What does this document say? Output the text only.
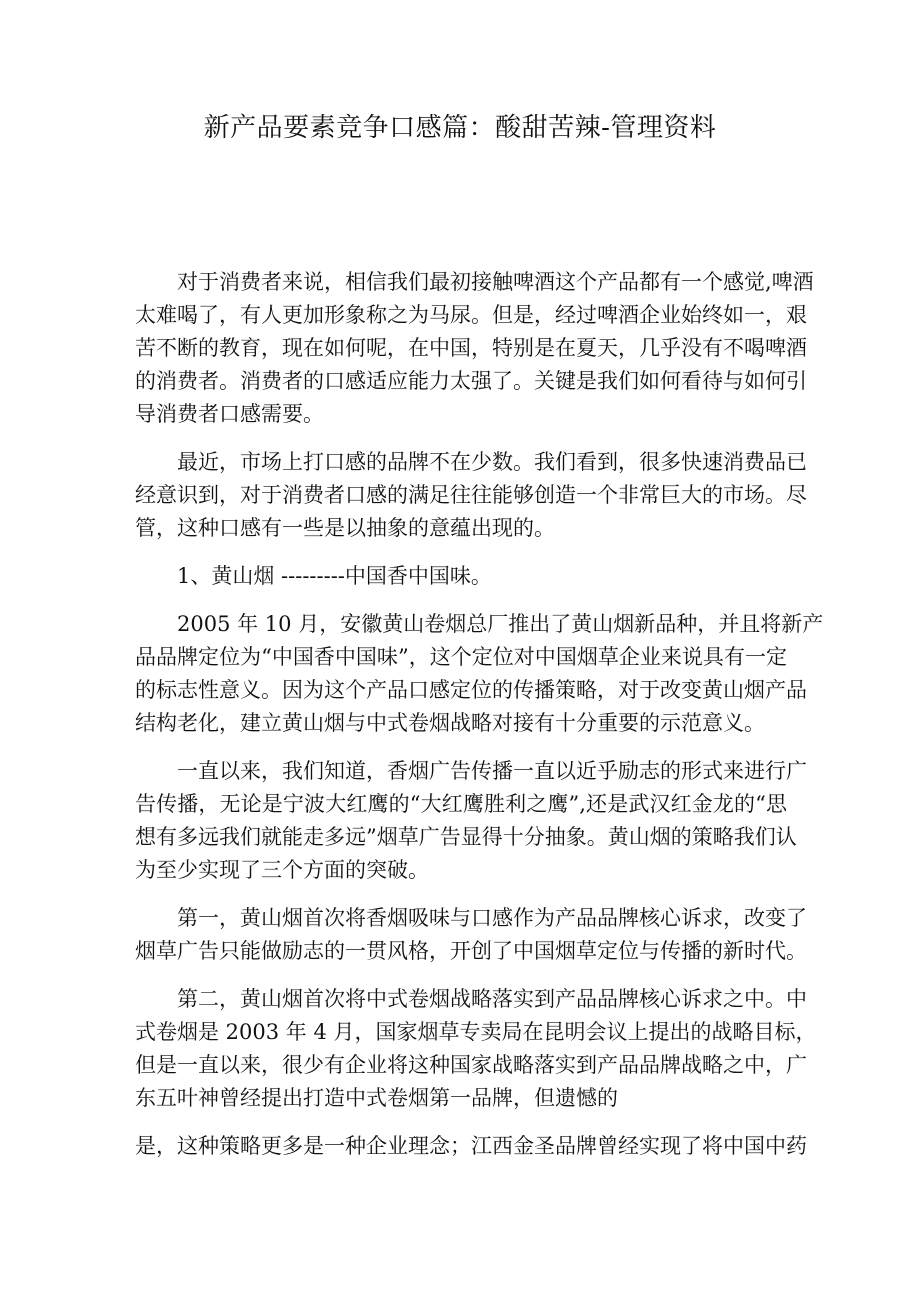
新产品要素竞争口感篇：酸甜苦辣-管理资料
对于消费者来说，相信我们最初接触啤酒这个产品都有一个感觉,啤酒
太难喝了，有人更加形象称之为马尿。但是，经过啤酒企业始终如一，艰
苦不断的教育，现在如何呢，在中国，特别是在夏天，几乎没有不喝啤酒
的消费者。消费者的口感适应能力太强了。关键是我们如何看待与如何引
导消费者口感需要。
最近，市场上打口感的品牌不在少数。我们看到，很多快速消费品已
经意识到，对于消费者口感的满足往往能够创造一个非常巨大的市场。尽
管，这种口感有一些是以抽象的意蕴出现的。
1、黄山烟 ---------中国香中国味。
2005 年 10 月，安徽黄山卷烟总厂推出了黄山烟新品种，并且将新产
品品牌定位为“中国香中国味”，这个定位对中国烟草企业来说具有一定
的标志性意义。因为这个产品口感定位的传播策略，对于改变黄山烟产品
结构老化，建立黄山烟与中式卷烟战略对接有十分重要的示范意义。
一直以来，我们知道，香烟广告传播一直以近乎励志的形式来进行广
告传播，无论是宁波大红鹰的“大红鹰胜利之鹰”,还是武汉红金龙的“思
想有多远我们就能走多远”烟草广告显得十分抽象。黄山烟的策略我们认
为至少实现了三个方面的突破。
第一，黄山烟首次将香烟吸味与口感作为产品品牌核心诉求，改变了
烟草广告只能做励志的一贯风格，开创了中国烟草定位与传播的新时代。
第二，黄山烟首次将中式卷烟战略落实到产品品牌核心诉求之中。中
式卷烟是 2003 年 4 月，国家烟草专卖局在昆明会议上提出的战略目标，
但是一直以来，很少有企业将这种国家战略落实到产品品牌战略之中，广
东五叶神曾经提出打造中式卷烟第一品牌，但遗憾的
是，这种策略更多是一种企业理念；江西金圣品牌曾经实现了将中国中药
